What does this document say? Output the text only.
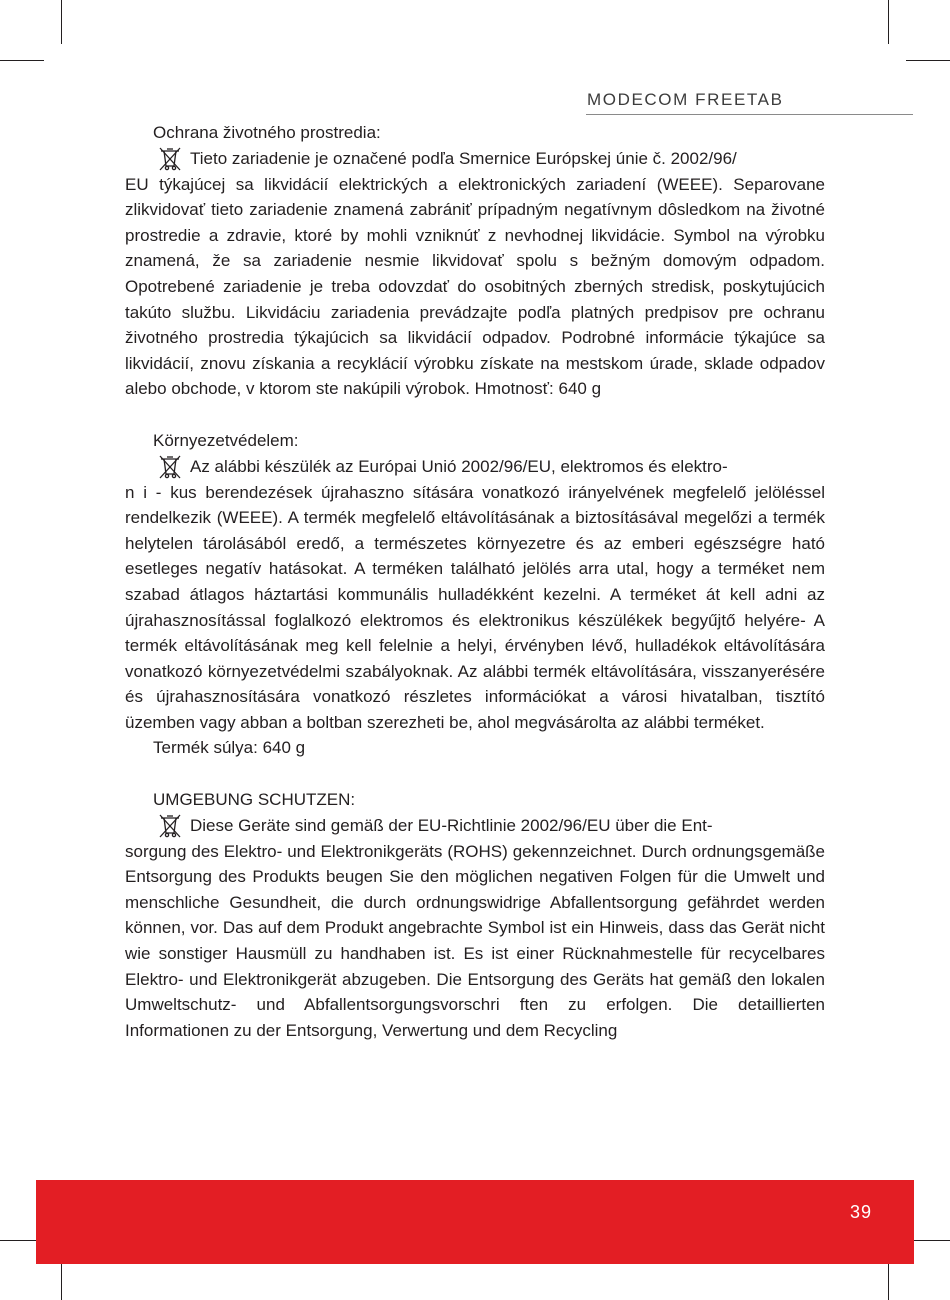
MODECOM FREETAB
Ochrana životného prostredia:

Tieto zariadenie je označené podľa Smernice Európskej únie č. 2002/96/
EU týkajúcej sa likvidácií elektrických a elektronických zariadení (WEEE). Separovane zlikvidovať tieto zariadenie znamená zabrániť prípadným negatívnym dôsledkom na životné prostredie a zdravie, ktoré by mohli vzniknúť z nevhodnej likvidácie. Symbol na výrobku znamená, že sa zariadenie nesmie likvidovať spolu s bežným domovým odpadom. Opotrebené zariadenie je treba odovzdať do osobitných zberných stredisk, poskytujúcich takúto službu. Likvidáciu zariadenia prevádzajte podľa platných predpisov pre ochranu životného prostredia týkajúcich sa likvidácií odpadov. Podrobné informácie týkajúce sa likvidácií, znovu získania a recyklácií výrobku získate na mestskom úrade, sklade odpadov alebo obchode, v ktorom ste nakúpili výrobok. Hmotnosť: 640 g

Környezetvédelem:

Az alábbi készülék az Európai Unió 2002/96/EU, elektromos és elektro-
n i - kus berendezések újrahaszno sítására vonatkozó irányelvének megfelelő jelöléssel rendelkezik (WEEE). A termék megfelelő eltávolításának a biztosításával megelőzi a termék helytelen tárolásából eredő, a természetes környezetre és az emberi egészségre ható esetleges negatív hatásokat. A terméken található jelölés arra utal, hogy a terméket nem szabad átlagos háztartási kommunális hulladékként kezelni. A terméket át kell adni az újrahasznosítással foglalkozó elektromos és elektronikus készülékek begyűjtő helyére- A termék eltávolításának meg kell felelnie a helyi, érvényben lévő, hulladékok eltávolítására vonatkozó környezetvédelmi szabályoknak. Az alábbi termék eltávolítására, visszanyerésére és újrahasznosítására vonatkozó részletes információkat a városi hivatalban, tisztító üzemben vagy abban a boltban szerezheti be, ahol megvásárolta az alábbi terméket.

Termék súlya: 640 g
UMGEBUNG SCHUTZEN:

Diese Geräte sind gemäß der EU-Richtlinie 2002/96/EU über die Ent-
sorgung des Elektro- und Elektronikgeräts (ROHS) gekennzeichnet. Durch ordnungsgemäße Entsorgung des Produkts beugen Sie den möglichen negativen Folgen für die Umwelt und menschliche Gesundheit, die durch ordnungswidrige Abfallentsorgung gefährdet werden können, vor. Das auf dem Produkt angebrachte Symbol ist ein Hinweis, dass das Gerät nicht wie sonstiger Hausmüll zu handhaben ist. Es ist einer Rücknahmestelle für recycelbares Elektro- und Elektronikgerät abzugeben. Die Entsorgung des Geräts hat gemäß den lokalen Umweltschutz- und Abfallentsorgungsvorschri ften zu erfolgen. Die detaillierten Informationen zu der Entsorgung, Verwertung und dem Recycling

39
